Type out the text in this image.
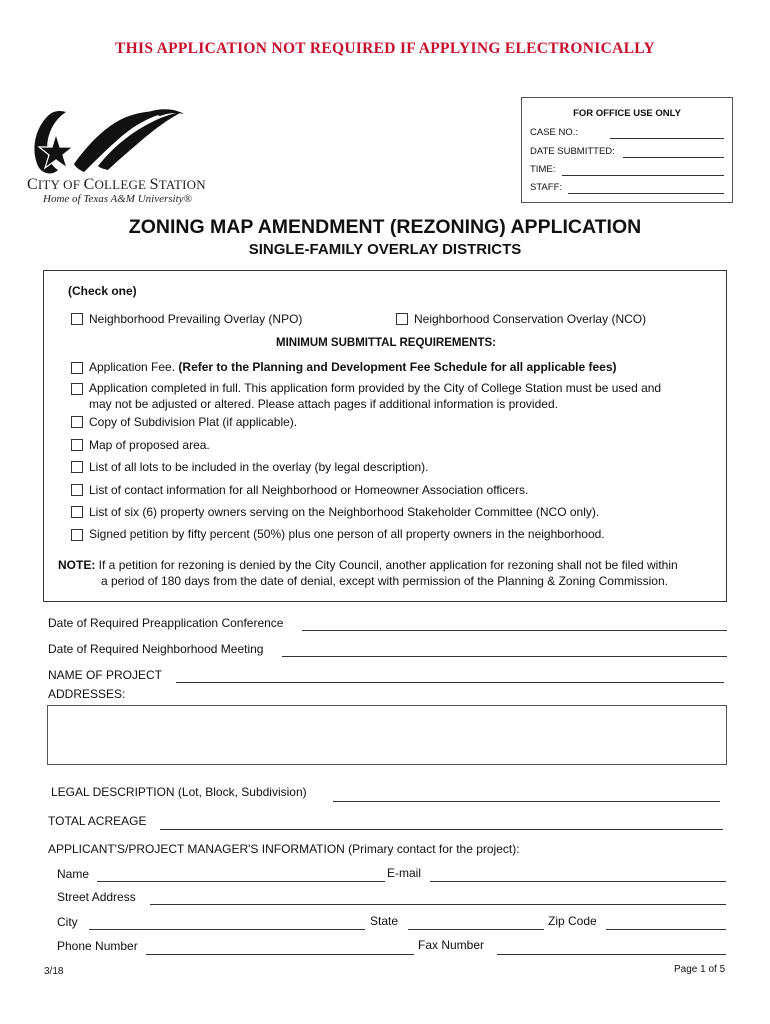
THIS APPLICATION NOT REQUIRED IF APPLYING ELECTRONICALLY
CITY OF COLLEGE STATION
Home of Texas A&M University®
FOR OFFICE USE ONLY
CASE NO.:
DATE SUBMITTED:
TIME:
STAFF:
ZONING MAP AMENDMENT (REZONING) APPLICATION
SINGLE-FAMILY OVERLAY DISTRICTS
(Check one)
Neighborhood Prevailing Overlay (NPO)	Neighborhood Conservation Overlay (NCO)
MINIMUM SUBMITTAL REQUIREMENTS:
Application Fee. (Refer to the Planning and Development Fee Schedule for all applicable fees)
Application completed in full. This application form provided by the City of College Station must be used and
may not be adjusted or altered. Please attach pages if additional information is provided.
Copy of Subdivision Plat (if applicable).
Map of proposed area.
List of all lots to be included in the overlay (by legal description).
List of contact information for all Neighborhood or Homeowner Association officers.
List of six (6) property owners serving on the Neighborhood Stakeholder Committee (NCO only).
Signed petition by fifty percent (50%) plus one person of all property owners in the neighborhood.
NOTE: If a petition for rezoning is denied by the City Council, another application for rezoning shall not be filed within
a period of 180 days from the date of denial, except with permission of the Planning & Zoning Commission.
Date of Required Preapplication Conference
Date of Required Neighborhood Meeting
NAME OF PROJECT
ADDRESSES:
LEGAL DESCRIPTION (Lot, Block, Subdivision)
TOTAL ACREAGE
APPLICANT'S/PROJECT MANAGER'S INFORMATION (Primary contact for the project):
Name	E-mail
Street Address
City	State	Zip Code
Phone Number	Fax Number
3/18	Page 1 of 5
